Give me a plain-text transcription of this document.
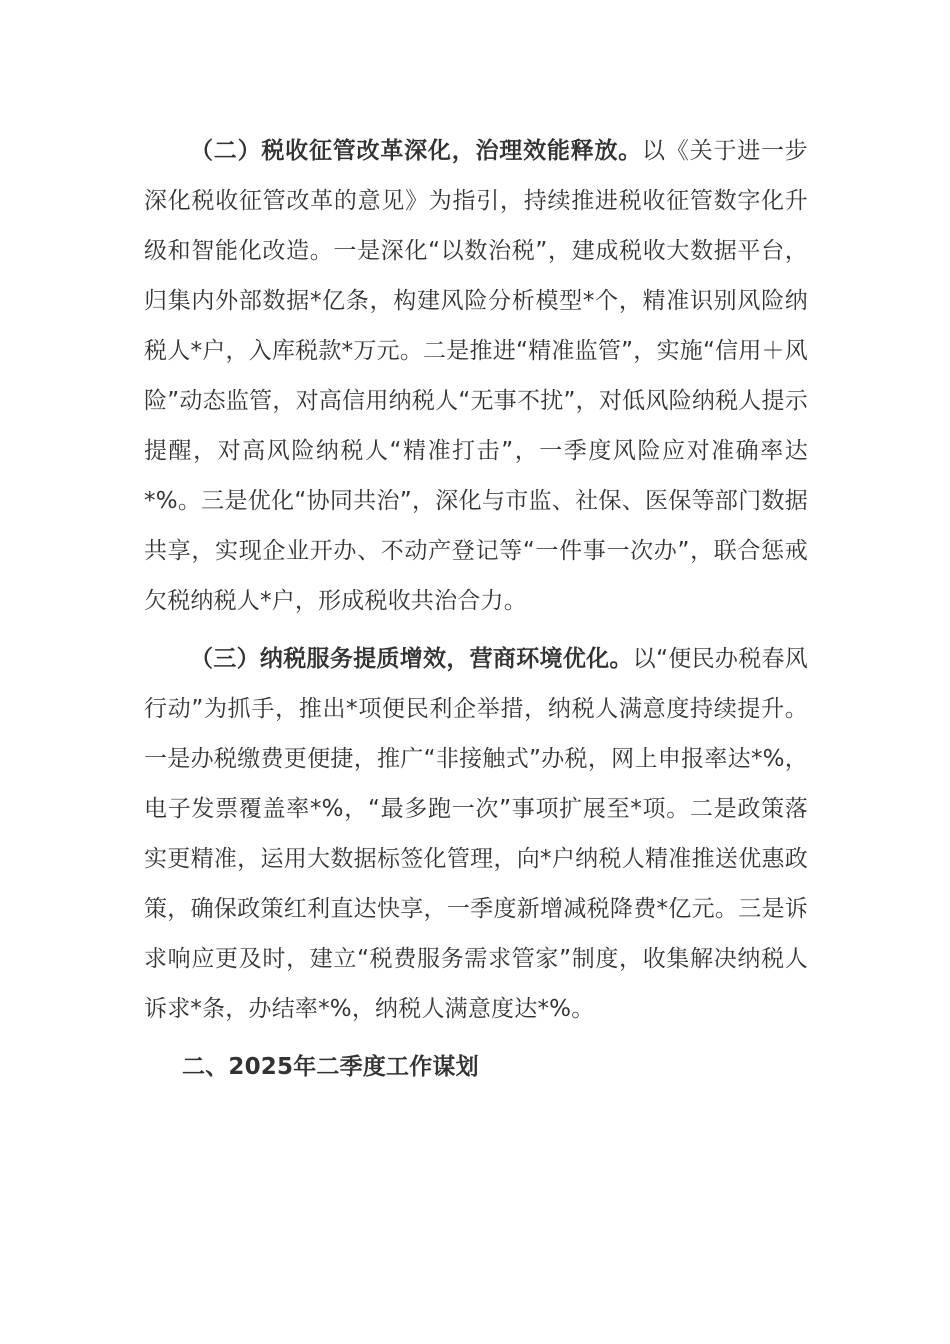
（二）税收征管改革深化，治理效能释放。以《关于进一步深化税收征管改革的意见》为指引，持续推进税收征管数字化升级和智能化改造。一是深化“以数治税”，建成税收大数据平台，归集内外部数据*亿条，构建风险分析模型*个，精准识别风险纳税人*户，入库税款*万元。二是推进“精准监管”，实施“信用＋风险”动态监管，对高信用纳税人“无事不扰”，对低风险纳税人提示提醒，对高风险纳税人“精准打击”，一季度风险应对准确率达*%。三是优化“协同共治”，深化与市监、社保、医保等部门数据共享，实现企业开办、不动产登记等“一件事一次办”，联合惩戒欠税纳税人*户，形成税收共治合力。

（三）纳税服务提质增效，营商环境优化。以“便民办税春风行动”为抓手，推出*项便民利企举措，纳税人满意度持续提升。一是办税缴费更便捷，推广“非接触式”办税，网上申报率达*%，电子发票覆盖率*%，“最多跑一次”事项扩展至*项。二是政策落实更精准，运用大数据标签化管理，向*户纳税人精准推送优惠政策，确保政策红利直达快享，一季度新增减税降费*亿元。三是诉求响应更及时，建立“税费服务需求管家”制度，收集解决纳税人诉求*条，办结率*%，纳税人满意度达*%。

二、2025年二季度工作谋划
